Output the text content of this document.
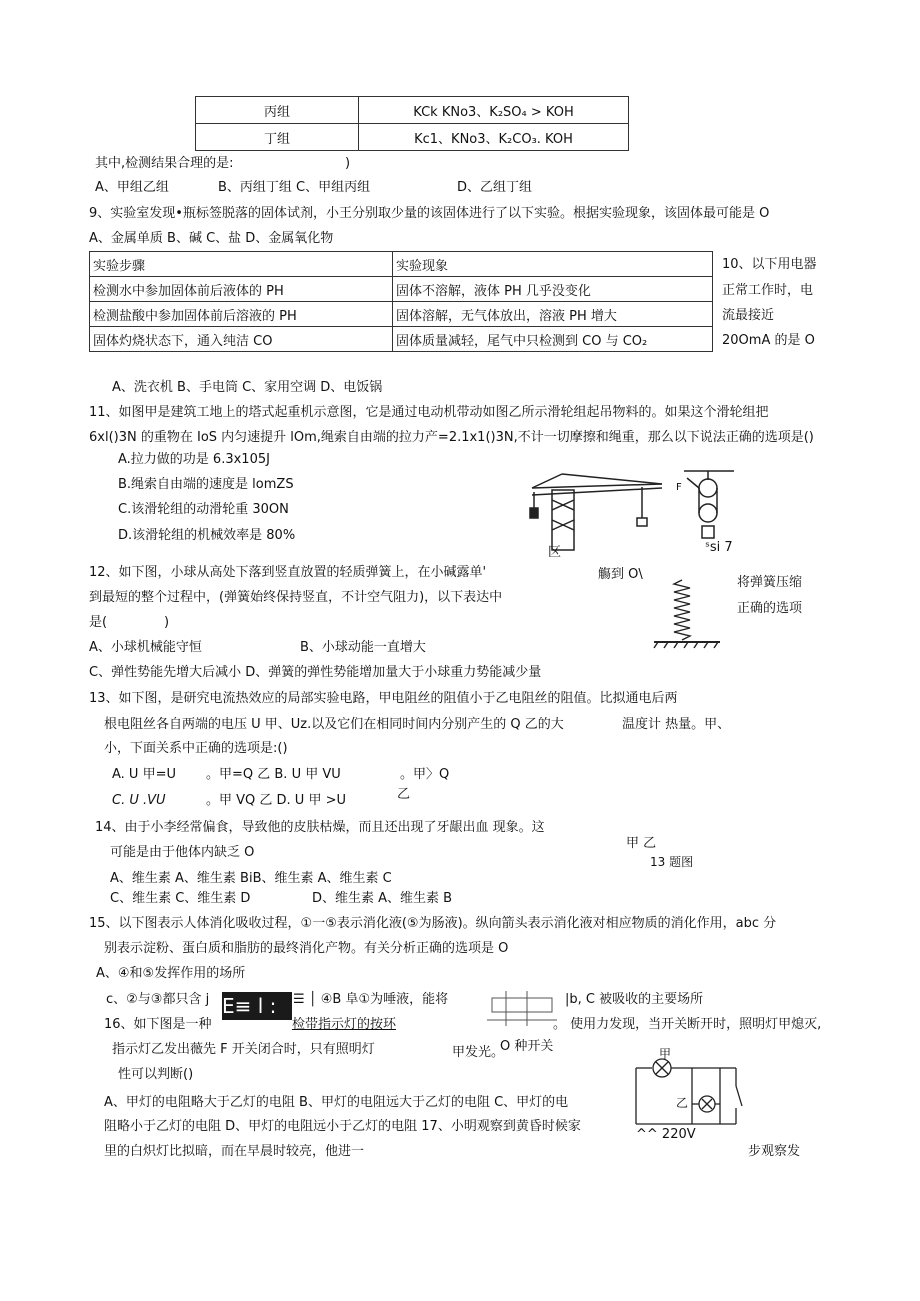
丙组	KCk KNo3、K₂SO₄ > KOH
丁组	Kc1、KNo3、K₂CO₃. KOH
其中,检测结果合理的是:	)
A、甲组乙组	B、丙组丁组 C、甲组丙组	D、乙组丁组
9、实验室发现•瓶标签脱落的固体试剂，小王分别取少量的该固体进行了以下实验。根据实验现象，该固体最可能是 O
A、金属单质 B、碱 C、盐 D、金属氧化物
实验步骤	实验现象
检测水中参加固体前后液体的 PH	固体不溶解，液体 PH 几乎没变化
检测盐酸中参加固体前后溶液的 PH	固体溶解，无气体放出，溶液 PH 增大
固体灼烧状态下，通入纯洁 CO	固体质量减轻，尾气中只检测到 CO 与 CO₂
10、以下用电器
正常工作时，电
流最接近
20OmA 的是 O
A、洗衣机 B、手电筒 C、家用空调 D、电饭锅
11、如图甲是建筑工地上的塔式起重机示意图，它是通过电动机带动如图乙所示滑轮组起吊物料的。如果这个滑轮组把
6xl()3N 的重物在 IoS 内匀速提升 lOm,绳索自由端的拉力产=2.1x1()3N,不计一切摩擦和绳重，那么以下说法正确的选项是()
A.拉力做的功是 6.3x105J
B.绳索自由端的速度是 lomZS
C.该滑轮组的动滑轮重 30ON
D.该滑轮组的机械效率是 80%
区
F
ˢsi 7
12、如下图，小球从高处下落到竖直放置的轻质弹簧上，在小碱露单'	觴到 O\
将弹簧压缩
到最短的整个过程中，(弹簧始终保持竖直，不计空气阻力)，以下表达中
正确的选项
是(	)
A、小球机械能守恒	B、小球动能一直增大
C、弹性势能先增大后减小 D、弹簧的弹性势能增加量大于小球重力势能减少量
13、如下图，是研究电流热效应的局部实验电路，甲电阻丝的阻值小于乙电阻丝的阻值。比拟通电后两
根电阻丝各自两端的电压 U 甲、Uz.以及它们在相同时间内分别产生的 Q 乙的大	温度计 热量。甲、
小，下面关系中正确的选项是:()
A. U 甲=U 。甲=Q 乙 B. U 甲 VU	。甲〉Q
C. U .VU	。甲 VQ 乙 D. U 甲 >U	乙
甲 乙
13 题图
14、由于小李经常偏食，导致他的皮肤枯燥，而且还出现了牙龈出血 现象。这
可能是由于他体内缺乏 O
A、维生素 A、维生素 BiB、维生素 A、维生素 C
C、维生素 C、维生素 D	D、维生素 A、维生素 B
15、以下图表示人体消化吸收过程，①一⑤表示消化液(⑤为肠液)。纵向箭头表示消化液对相应物质的消化作用，abc 分
别表示淀粉、蛋白质和脂肪的最终消化产物。有关分析正确的选项是 O
A、④和⑤发挥作用的场所
c、②与③都只含 j E≡ l :	☰ │ ④B 阜①为唾液，能将	|b, C 被吸收的主要场所
16、如下图是一种	检带指示灯的按环	。 使用力发现，当开关断开时，照明灯甲熄灭,
指示灯乙发出薇先 F 开关闭合时，只有照明灯	甲发光。
O 种开关
性可以判断()
A、甲灯的电阻略大于乙灯的电阻 B、甲灯的电阻远大于乙灯的电阻 C、甲灯的电
阻略小于乙灯的电阻 D、甲灯的电阻远小于乙灯的电阻 17、小明观察到黄昏时候家
里的白炽灯比拟暗，而在早晨时较亮，他进一	步观察发
甲
乙
^^ 220V
